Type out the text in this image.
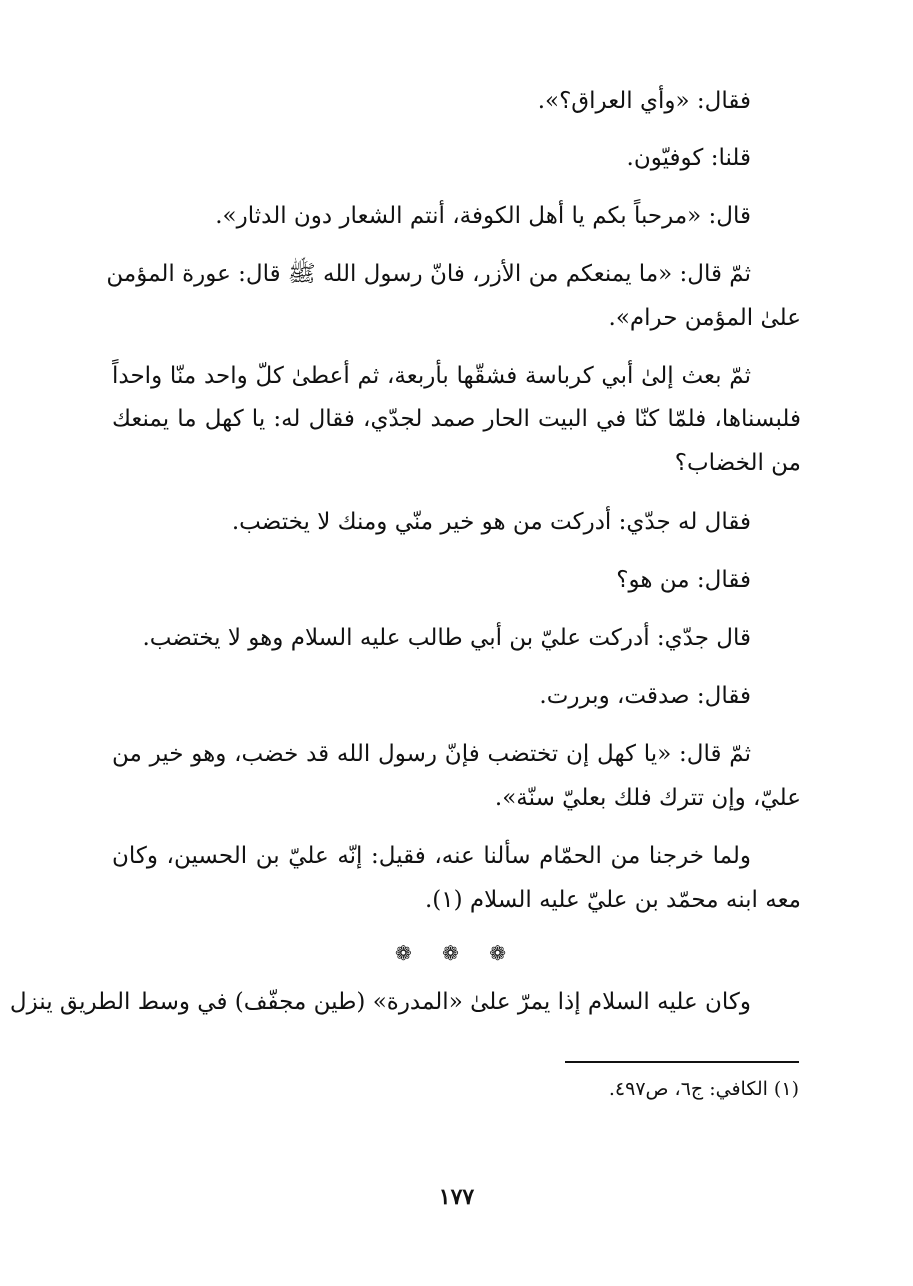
فقال: «وأي العراق؟».
قلنا: كوفيّون.
قال: «مرحباً بكم يا أهل الكوفة، أنتم الشعار دون الدثار».
ثمّ قال: «ما يمنعكم من الأزر، فانّ رسول الله ﷺ قال: عورة المؤمن
علىٰ المؤمن حرام».
ثمّ بعث إلىٰ أبي كرباسة فشقّها بأربعة، ثم أعطىٰ كلّ واحد منّا واحداً
فلبسناها، فلمّا كنّا في البيت الحار صمد لجدّي، فقال له: يا كهل ما يمنعك
من الخضاب؟
فقال له جدّي: أدركت من هو خير منّي ومنك لا يختضب.
فقال: من هو؟
قال جدّي: أدركت عليّ بن أبي طالب عليه السلام وهو لا يختضب.
فقال: صدقت، وبررت.
ثمّ قال: «يا كهل إن تختضب فإنّ رسول الله قد خضب، وهو خير من
عليّ، وإن تترك فلك بعليّ سنّة».
ولما خرجنا من الحمّام سألنا عنه، فقيل: إنّه عليّ بن الحسين، وكان
معه ابنه محمّد بن عليّ عليه السلام (١).
❁ ❁ ❁
وكان عليه السلام إذا يمرّ علىٰ «المدرة» (طين مجفّف) في وسط الطريق ينزل
(١) الكافي: ج٦، ص٤٩٧.
١٧٧
